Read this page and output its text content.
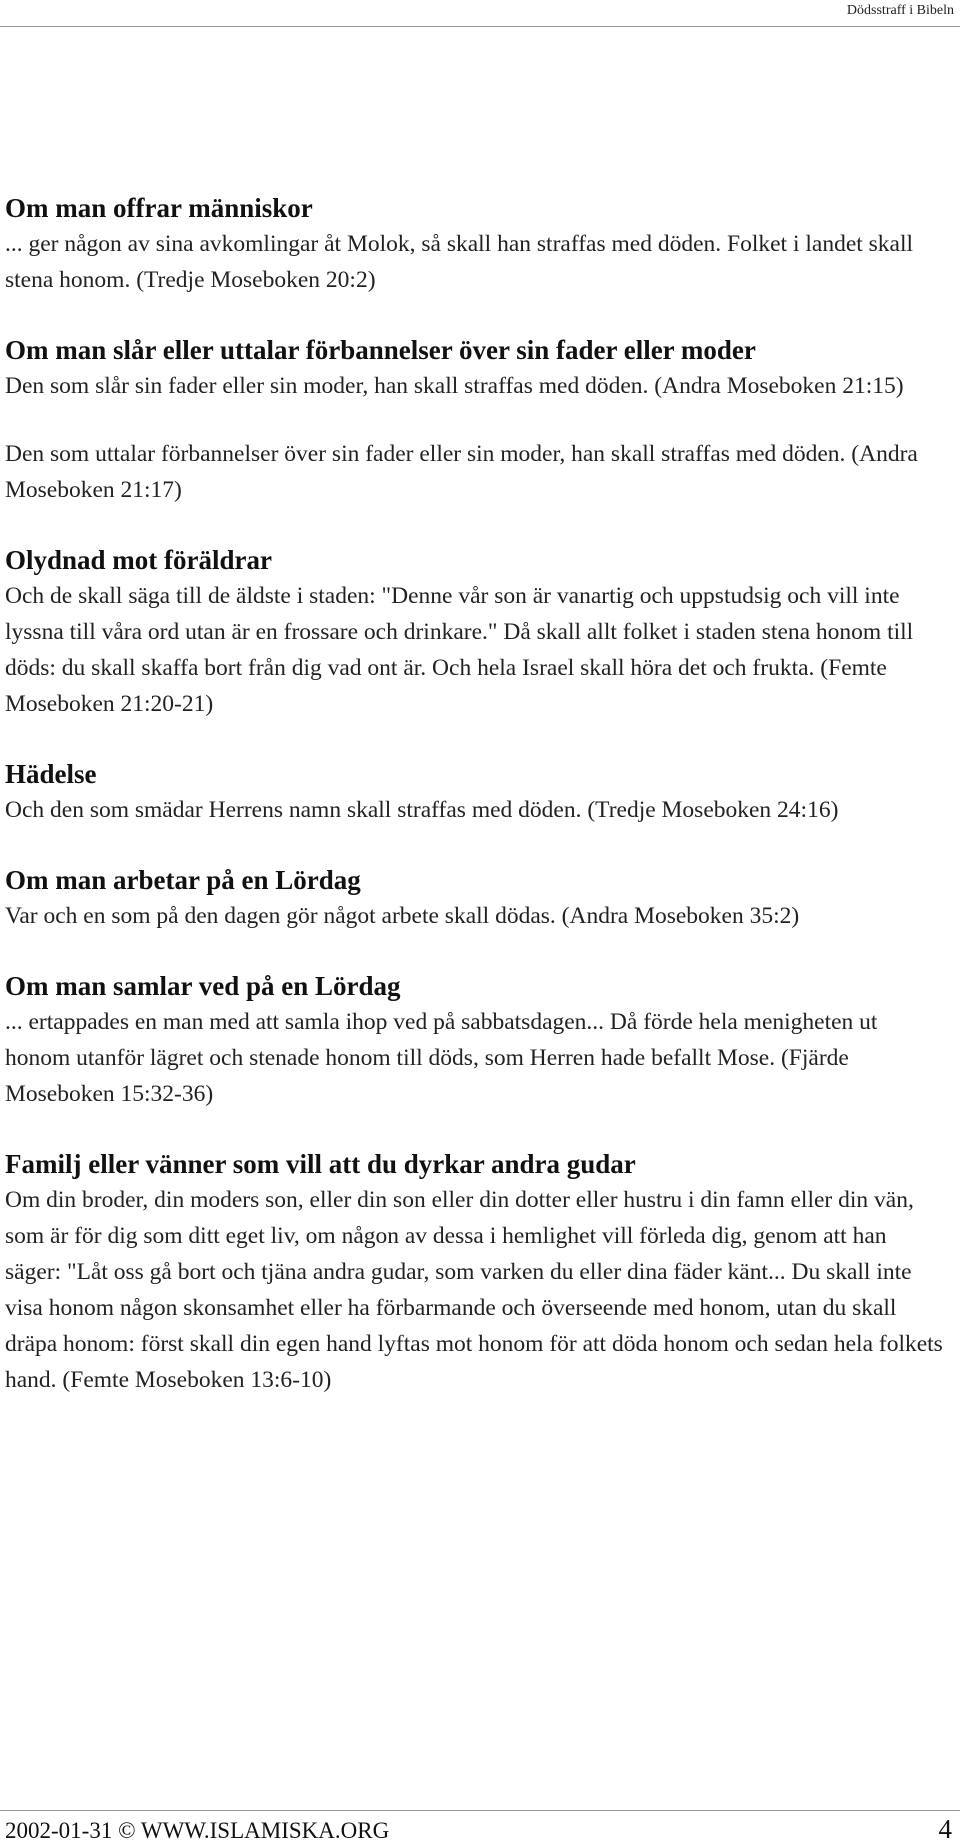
Dödsstraff i Bibeln
Om man offrar människor

... ger någon av sina avkomlingar åt Molok, så skall han straffas med döden. Folket i landet skall stena honom. (Tredje Moseboken 20:2)

Om man slår eller uttalar förbannelser över sin fader eller moder

Den som slår sin fader eller sin moder, han skall straffas med döden. (Andra Moseboken 21:15)

Den som uttalar förbannelser över sin fader eller sin moder, han skall straffas med döden. (Andra Moseboken 21:17)

Olydnad mot föräldrar

Och de skall säga till de äldste i staden: "Denne vår son är vanartig och uppstudsig och vill inte lyssna till våra ord utan är en frossare och drinkare." Då skall allt folket i staden stena honom till döds: du skall skaffa bort från dig vad ont är. Och hela Israel skall höra det och frukta. (Femte Moseboken 21:20-21)

Hädelse

Och den som smädar Herrens namn skall straffas med döden. (Tredje Moseboken 24:16)

Om man arbetar på en Lördag

Var och en som på den dagen gör något arbete skall dödas. (Andra Moseboken 35:2)

Om man samlar ved på en Lördag

... ertappades en man med att samla ihop ved på sabbatsdagen... Då förde hela menigheten ut honom utanför lägret och stenade honom till döds, som Herren hade befallt Mose. (Fjärde Moseboken 15:32-36)

Familj eller vänner som vill att du dyrkar andra gudar

Om din broder, din moders son, eller din son eller din dotter eller hustru i din famn eller din vän, som är för dig som ditt eget liv, om någon av dessa i hemlighet vill förleda dig, genom att han säger: "Låt oss gå bort och tjäna andra gudar, som varken du eller dina fäder känt... Du skall inte visa honom någon skonsamhet eller ha förbarmande och överseende med honom, utan du skall dräpa honom: först skall din egen hand lyftas mot honom för att döda honom och sedan hela folkets hand. (Femte Moseboken 13:6-10)

2002-01-31 © WWW.ISLAMISKA.ORG	4
